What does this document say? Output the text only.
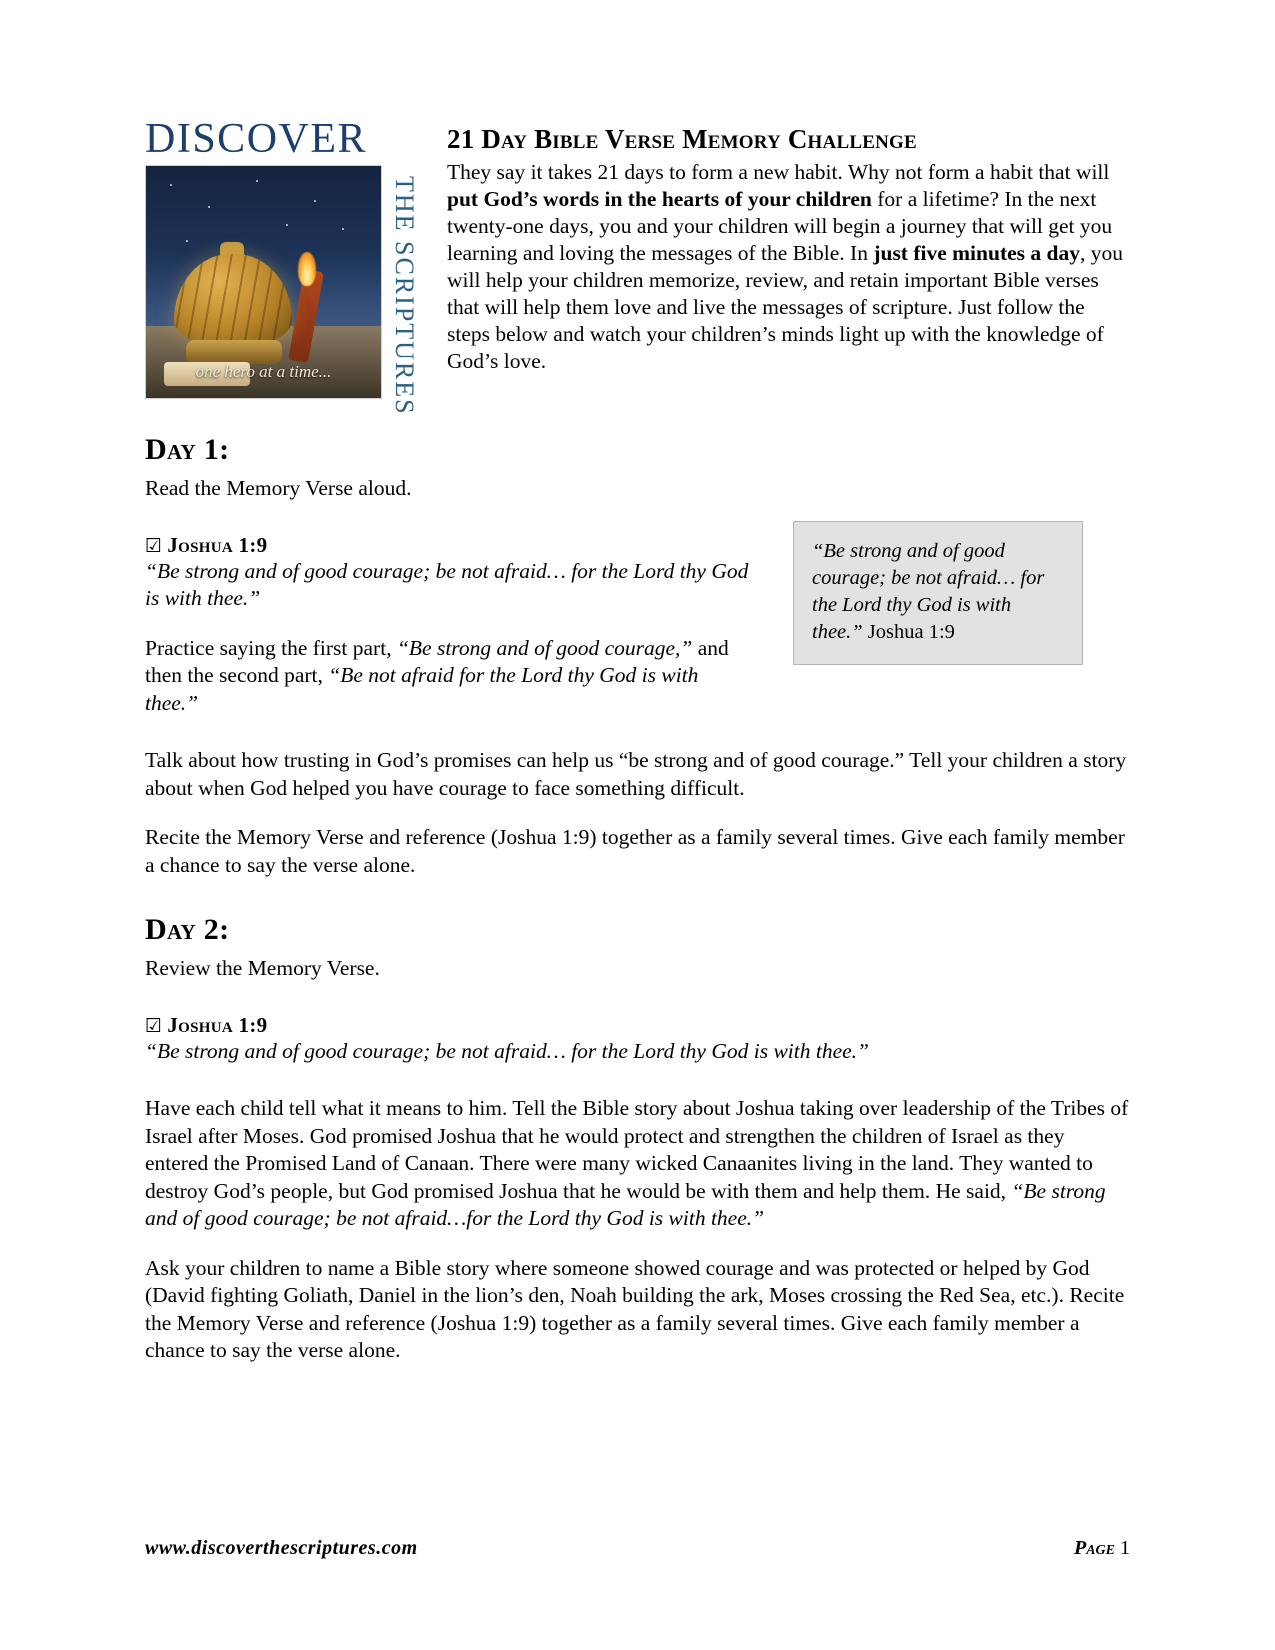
DISCOVER
one hero at a time...	THE SCRIPTURES
21 Day Bible Verse Memory Challenge

They say it takes 21 days to form a new habit. Why not form a habit that will put God’s words in the hearts of your children for a lifetime? In the next twenty-one days, you and your children will begin a journey that will get you learning and loving the messages of the Bible. In just five minutes a day, you will help your children memorize, review, and retain important Bible verses that will help them love and live the messages of scripture. Just follow the steps below and watch your children’s minds light up with the knowledge of God’s love.

Day 1:

Read the Memory Verse aloud.

☑ Joshua 1:9

“Be strong and of good courage; be not afraid… for the Lord thy God is with thee.”

Practice saying the first part, “Be strong and of good courage,” and then the second part, “Be not afraid for the Lord thy God is with thee.”

“Be strong and of good courage; be not afraid… for the Lord thy God is with thee.” Joshua 1:9

Talk about how trusting in God’s promises can help us “be strong and of good courage.” Tell your children a story about when God helped you have courage to face something difficult.

Recite the Memory Verse and reference (Joshua 1:9) together as a family several times. Give each family member a chance to say the verse alone.

Day 2:

Review the Memory Verse.

☑ Joshua 1:9

“Be strong and of good courage; be not afraid… for the Lord thy God is with thee.”

Have each child tell what it means to him. Tell the Bible story about Joshua taking over leadership of the Tribes of Israel after Moses. God promised Joshua that he would protect and strengthen the children of Israel as they entered the Promised Land of Canaan. There were many wicked Canaanites living in the land. They wanted to destroy God’s people, but God promised Joshua that he would be with them and help them. He said, “Be strong and of good courage; be not afraid…for the Lord thy God is with thee.”

Ask your children to name a Bible story where someone showed courage and was protected or helped by God (David fighting Goliath, Daniel in the lion’s den, Noah building the ark, Moses crossing the Red Sea, etc.). Recite the Memory Verse and reference (Joshua 1:9) together as a family several times. Give each family member a chance to say the verse alone.

www.discoverthescriptures.com	Page 1
